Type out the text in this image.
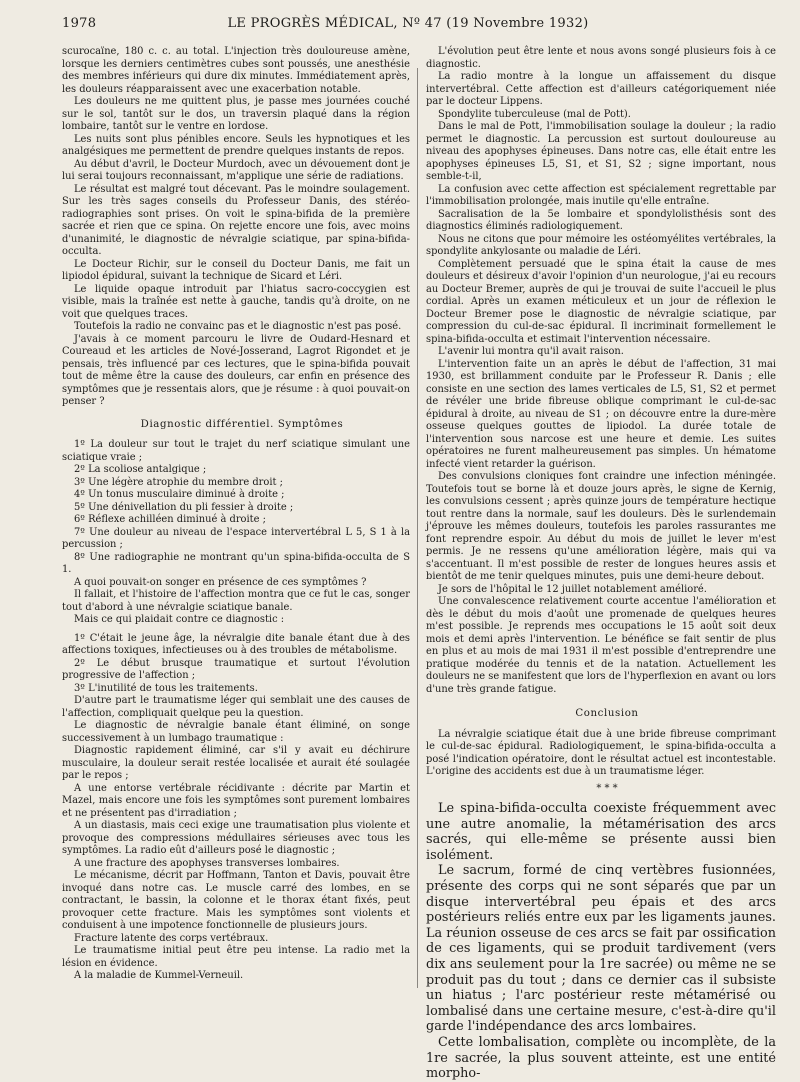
1978	LE PROGRÈS MÉDICAL, Nº 47 (19 Novembre 1932)

scurocaïne, 180 c. c. au total. L'injection très douloureuse amène, lorsque les derniers centimètres cubes sont poussés, une anesthésie des membres inférieurs qui dure dix minutes. Immédiatement après, les douleurs réapparaissent avec une exacerbation notable.

Les douleurs ne me quittent plus, je passe mes journées couché sur le sol, tantôt sur le dos, un traversin plaqué dans la région lombaire, tantôt sur le ventre en lordose.

Les nuits sont plus pénibles encore. Seuls les hypnotiques et les analgésiques me permettent de prendre quelques instants de repos.

Au début d'avril, le Docteur Murdoch, avec un dévouement dont je lui serai toujours reconnaissant, m'applique une série de radiations.

Le résultat est malgré tout décevant. Pas le moindre soulagement. Sur les très sages conseils du Professeur Danis, des stéréo-radiographies sont prises. On voit le spina-bifida de la première sacrée et rien que ce spina. On rejette encore une fois, avec moins d'unanimité, le diagnostic de névralgie sciatique, par spina-bifida-occulta.

Le Docteur Richir, sur le conseil du Docteur Danis, me fait un lipiodol épidural, suivant la technique de Sicard et Léri.

Le liquide opaque introduit par l'hiatus sacro-coccygien est visible, mais la traînée est nette à gauche, tandis qu'à droite, on ne voit que quelques traces.

Toutefois la radio ne convainc pas et le diagnostic n'est pas posé.

J'avais à ce moment parcouru le livre de Oudard-Hesnard et Coureaud et les articles de Nové-Josserand, Lagrot Rigondet et je pensais, très influencé par ces lectures, que le spina-bifida pouvait tout de même être la cause des douleurs, car enfin en présence des symptômes que je ressentais alors, que je résume : à quoi pouvait-on penser ?

Diagnostic différentiel. Symptômes

1º La douleur sur tout le trajet du nerf sciatique simulant une sciatique vraie ;

2º La scoliose antalgique ;

3º Une légère atrophie du membre droit ;

4º Un tonus musculaire diminué à droite ;

5º Une dénivellation du pli fessier à droite ;

6º Réflexe achilléen diminué à droite ;

7º Une douleur au niveau de l'espace intervertébral L 5, S 1 à la percussion ;

8º Une radiographie ne montrant qu'un spina-bifida-occulta de S 1.

A quoi pouvait-on songer en présence de ces symptômes ?

Il fallait, et l'histoire de l'affection montra que ce fut le cas, songer tout d'abord à une névralgie sciatique banale.

Mais ce qui plaidait contre ce diagnostic :

1º C'était le jeune âge, la névralgie dite banale étant due à des affections toxiques, infectieuses ou à des troubles de métabolisme.

2º Le début brusque traumatique et surtout l'évolution progressive de l'affection ;

3º L'inutilité de tous les traitements.

D'autre part le traumatisme léger qui semblait une des causes de l'affection, compliquait quelque peu la question.

Le diagnostic de névralgie banale étant éliminé, on songe successivement à un lumbago traumatique :

Diagnostic rapidement éliminé, car s'il y avait eu déchirure musculaire, la douleur serait restée localisée et aurait été soulagée par le repos ;

A une entorse vertébrale récidivante : décrite par Martin et Mazel, mais encore une fois les symptômes sont purement lombaires et ne présentent pas d'irradiation ;

A un diastasis, mais ceci exige une traumatisation plus violente et provoque des compressions médullaires sérieuses avec tous les symptômes. La radio eût d'ailleurs posé le diagnostic ;

A une fracture des apophyses transverses lombaires.

Le mécanisme, décrit par Hoffmann, Tanton et Davis, pouvait être invoqué dans notre cas. Le muscle carré des lombes, en se contractant, le bassin, la colonne et le thorax étant fixés, peut provoquer cette fracture. Mais les symptômes sont violents et conduisent à une impotence fonctionnelle de plusieurs jours.

Fracture latente des corps vertébraux.

Le traumatisme initial peut être peu intense. La radio met la lésion en évidence.

A la maladie de Kummel-Verneuil.

L'évolution peut être lente et nous avons songé plusieurs fois à ce diagnostic.

La radio montre à la longue un affaissement du disque intervertébral. Cette affection est d'ailleurs catégoriquement niée par le docteur Lippens.

Spondylite tuberculeuse (mal de Pott).

Dans le mal de Pott, l'immobilisation soulage la douleur ; la radio permet le diagnostic. La percussion est surtout douloureuse au niveau des apophyses épineuses. Dans notre cas, elle était entre les apophyses épineuses L5, S1, et S1, S2 ; signe important, nous semble-t-il,

La confusion avec cette affection est spécialement regrettable par l'immobilisation prolongée, mais inutile qu'elle entraîne.

Sacralisation de la 5e lombaire et spondylolisthésis sont des diagnostics éliminés radiologiquement.

Nous ne citons que pour mémoire les ostéomyélites vertébrales, la spondylite ankylosante ou maladie de Léri.

Complètement persuadé que le spina était la cause de mes douleurs et désireux d'avoir l'opinion d'un neurologue, j'ai eu recours au Docteur Bremer, auprès de qui je trouvai de suite l'accueil le plus cordial. Après un examen méticuleux et un jour de réflexion le Docteur Bremer pose le diagnostic de névralgie sciatique, par compression du cul-de-sac épidural. Il incriminait formellement le spina-bifida-occulta et estimait l'intervention nécessaire.

L'avenir lui montra qu'il avait raison.

L'intervention faite un an après le début de l'affection, 31 mai 1930, est brillamment conduite par le Professeur R. Danis ; elle consiste en une section des lames verticales de L5, S1, S2 et permet de révéler une bride fibreuse oblique comprimant le cul-de-sac épidural à droite, au niveau de S1 ; on découvre entre la dure-mère osseuse quelques gouttes de lipiodol. La durée totale de l'intervention sous narcose est une heure et demie. Les suites opératoires ne furent malheureusement pas simples. Un hématome infecté vient retarder la guérison.

Des convulsions cloniques font craindre une infection méningée. Toutefois tout se borne là et douze jours après, le signe de Kernig, les convulsions cessent ; après quinze jours de température hectique tout rentre dans la normale, sauf les douleurs. Dès le surlendemain j'éprouve les mêmes douleurs, toutefois les paroles rassurantes me font reprendre espoir. Au début du mois de juillet le lever m'est permis. Je ne ressens qu'une amélioration légère, mais qui va s'accentuant. Il m'est possible de rester de longues heures assis et bientôt de me tenir quelques minutes, puis une demi-heure debout.

Je sors de l'hôpital le 12 juillet notablement amélioré.

Une convalescence relativement courte accentue l'amélioration et dès le début du mois d'août une promenade de quelques heures m'est possible. Je reprends mes occupations le 15 août soit deux mois et demi après l'intervention. Le bénéfice se fait sentir de plus en plus et au mois de mai 1931 il m'est possible d'entreprendre une pratique modérée du tennis et de la natation. Actuellement les douleurs ne se manifestent que lors de l'hyperflexion en avant ou lors d'une très grande fatigue.

Conclusion

La névralgie sciatique était due à une bride fibreuse comprimant le cul-de-sac épidural. Radiologiquement, le spina-bifida-occulta a posé l'indication opératoire, dont le résultat actuel est incontestable. L'origine des accidents est due à un traumatisme léger.

* * *

Le spina-bifida-occulta coexiste fréquemment avec une autre anomalie, la métamérisation des arcs sacrés, qui elle-même se présente aussi bien isolément.

Le sacrum, formé de cinq vertèbres fusionnées, présente des corps qui ne sont séparés que par un disque intervertébral peu épais et des arcs postérieurs reliés entre eux par les ligaments jaunes. La réunion osseuse de ces arcs se fait par ossification de ces ligaments, qui se produit tardivement (vers dix ans seulement pour la 1re sacrée) ou même ne se produit pas du tout ; dans ce dernier cas il subsiste un hiatus ; l'arc postérieur reste métamérisé ou lombalisé dans une certaine mesure, c'est-à-dire qu'il garde l'indépendance des arcs lombaires.

Cette lombalisation, complète ou incomplète, de la 1re sacrée, la plus souvent atteinte, est une entité morpho-
